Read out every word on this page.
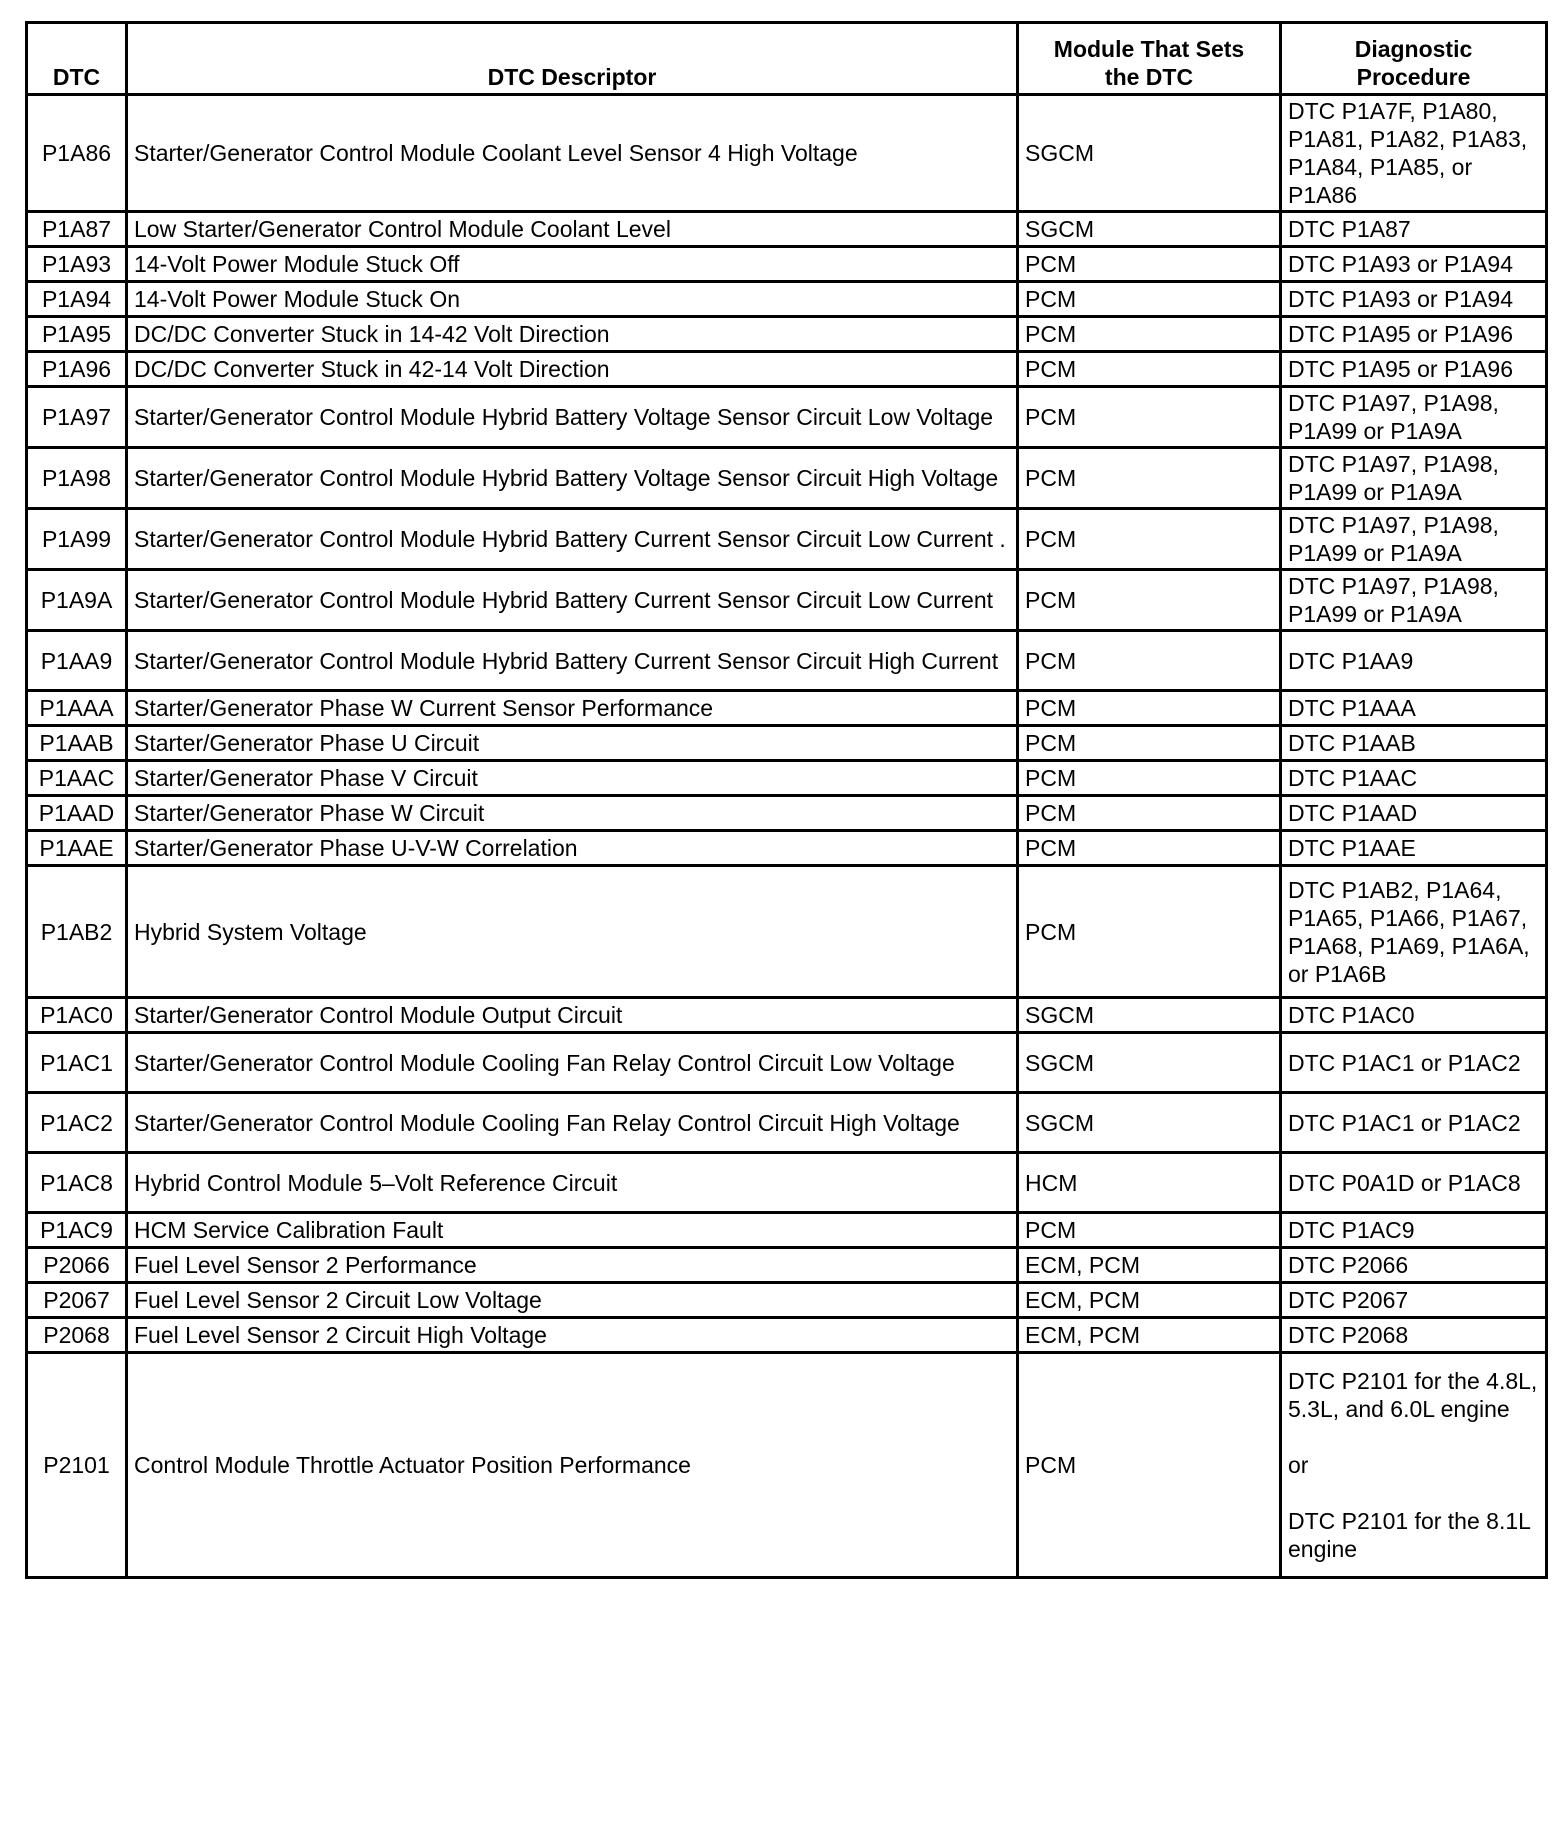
DTC	DTC Descriptor	Module That Sets the DTC	Diagnostic Procedure
P1A86	Starter/Generator Control Module Coolant Level Sensor 4 High Voltage	SGCM	DTC P1A7F, P1A80, P1A81, P1A82, P1A83, P1A84, P1A85, or P1A86
P1A87	Low Starter/Generator Control Module Coolant Level	SGCM	DTC P1A87
P1A93	14-Volt Power Module Stuck Off	PCM	DTC P1A93 or P1A94
P1A94	14-Volt Power Module Stuck On	PCM	DTC P1A93 or P1A94
P1A95	DC/DC Converter Stuck in 14-42 Volt Direction	PCM	DTC P1A95 or P1A96
P1A96	DC/DC Converter Stuck in 42-14 Volt Direction	PCM	DTC P1A95 or P1A96
P1A97	Starter/Generator Control Module Hybrid Battery Voltage Sensor Circuit Low Voltage	PCM	DTC P1A97, P1A98, P1A99 or P1A9A
P1A98	Starter/Generator Control Module Hybrid Battery Voltage Sensor Circuit High Voltage	PCM	DTC P1A97, P1A98, P1A99 or P1A9A
P1A99	Starter/Generator Control Module Hybrid Battery Current Sensor Circuit Low Current .	PCM	DTC P1A97, P1A98, P1A99 or P1A9A
P1A9A	Starter/Generator Control Module Hybrid Battery Current Sensor Circuit Low Current	PCM	DTC P1A97, P1A98, P1A99 or P1A9A
P1AA9	Starter/Generator Control Module Hybrid Battery Current Sensor Circuit High Current	PCM	DTC P1AA9
P1AAA	Starter/Generator Phase W Current Sensor Performance	PCM	DTC P1AAA
P1AAB	Starter/Generator Phase U Circuit	PCM	DTC P1AAB
P1AAC	Starter/Generator Phase V Circuit	PCM	DTC P1AAC
P1AAD	Starter/Generator Phase W Circuit	PCM	DTC P1AAD
P1AAE	Starter/Generator Phase U-V-W Correlation	PCM	DTC P1AAE
P1AB2	Hybrid System Voltage	PCM	DTC P1AB2, P1A64, P1A65, P1A66, P1A67, P1A68, P1A69, P1A6A, or P1A6B
P1AC0	Starter/Generator Control Module Output Circuit	SGCM	DTC P1AC0
P1AC1	Starter/Generator Control Module Cooling Fan Relay Control Circuit Low Voltage	SGCM	DTC P1AC1 or P1AC2
P1AC2	Starter/Generator Control Module Cooling Fan Relay Control Circuit High Voltage	SGCM	DTC P1AC1 or P1AC2
P1AC8	Hybrid Control Module 5–Volt Reference Circuit	HCM	DTC P0A1D or P1AC8
P1AC9	HCM Service Calibration Fault	PCM	DTC P1AC9
P2066	Fuel Level Sensor 2 Performance	ECM, PCM	DTC P2066
P2067	Fuel Level Sensor 2 Circuit Low Voltage	ECM, PCM	DTC P2067
P2068	Fuel Level Sensor 2 Circuit High Voltage	ECM, PCM	DTC P2068
P2101	Control Module Throttle Actuator Position Performance	PCM	DTC P2101 for the 4.8L, 5.3L, and 6.0L engine

or

DTC P2101 for the 8.1L engine
